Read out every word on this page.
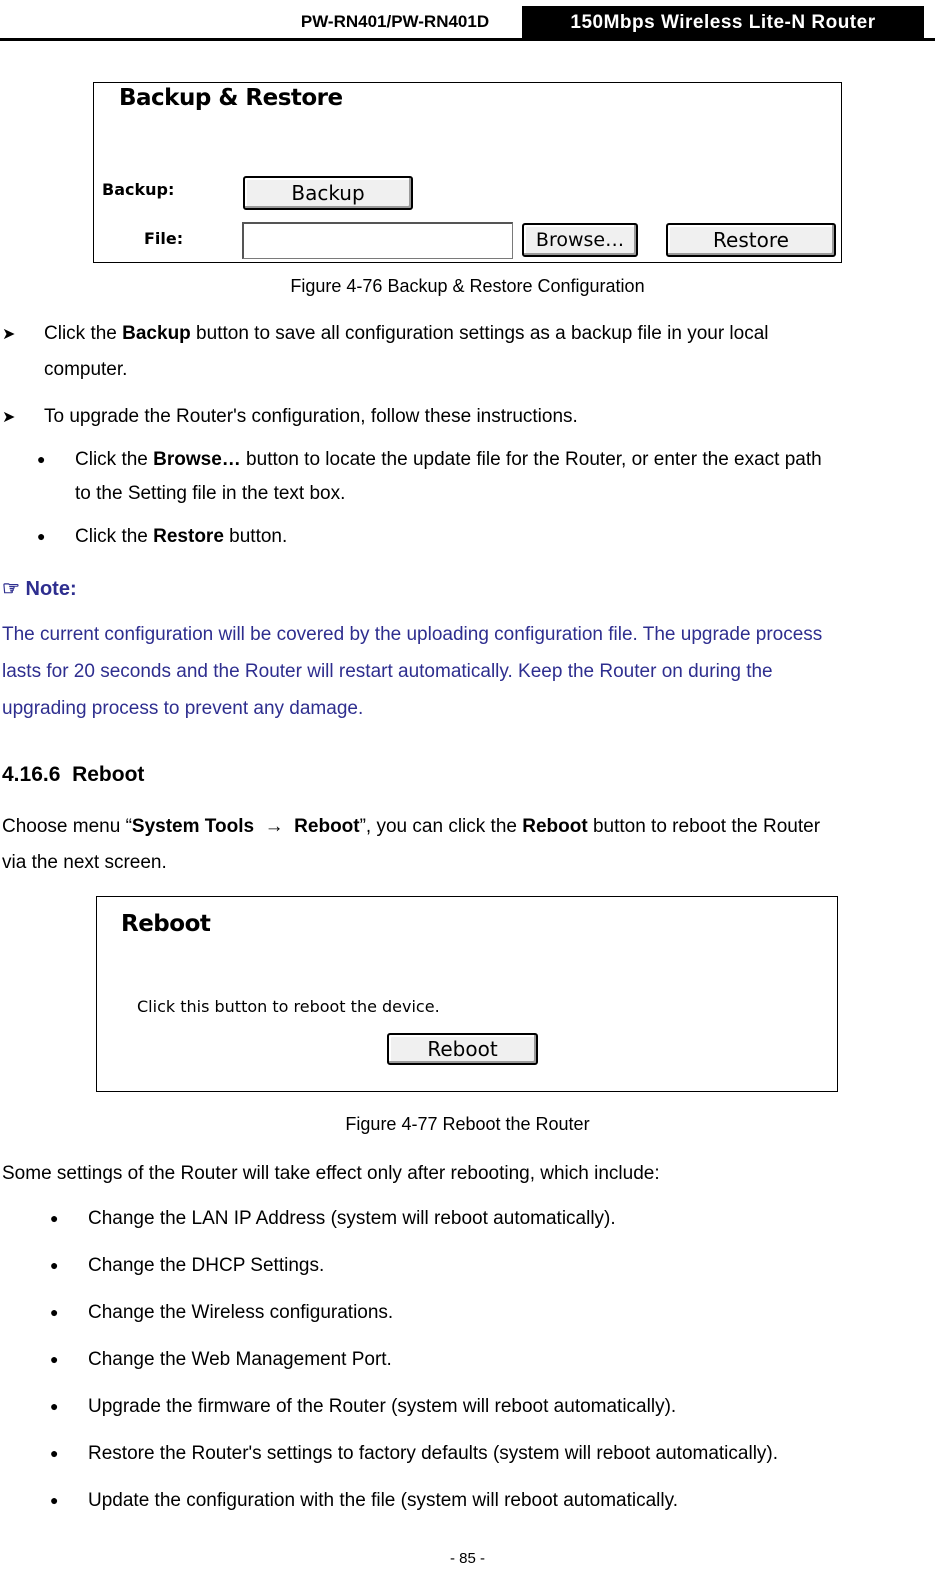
PW-RN401/PW-RN401D	150Mbps Wireless Lite-N Router
Backup & Restore
Backup:	Backup
File:	Browse…	Restore
Figure 4-76 Backup & Restore Configuration
➤ Click the Backup button to save all configuration settings as a backup file in your local
computer.
➤ To upgrade the Router's configuration, follow these instructions.
● Click the Browse… button to locate the update file for the Router, or enter the exact path
to the Setting file in the text box.
● Click the Restore button.
☞ Note:
The current configuration will be covered by the uploading configuration file. The upgrade process
lasts for 20 seconds and the Router will restart automatically. Keep the Router on during the
upgrading process to prevent any damage.
4.16.6 Reboot
Choose menu “System Tools → Reboot”, you can click the Reboot button to reboot the Router
via the next screen.
Reboot
Click this button to reboot the device.
Reboot
Figure 4-77 Reboot the Router
Some settings of the Router will take effect only after rebooting, which include:
● Change the LAN IP Address (system will reboot automatically).
● Change the DHCP Settings.
● Change the Wireless configurations.
● Change the Web Management Port.
● Upgrade the firmware of the Router (system will reboot automatically).
● Restore the Router's settings to factory defaults (system will reboot automatically).
● Update the configuration with the file (system will reboot automatically.
- 85 -
